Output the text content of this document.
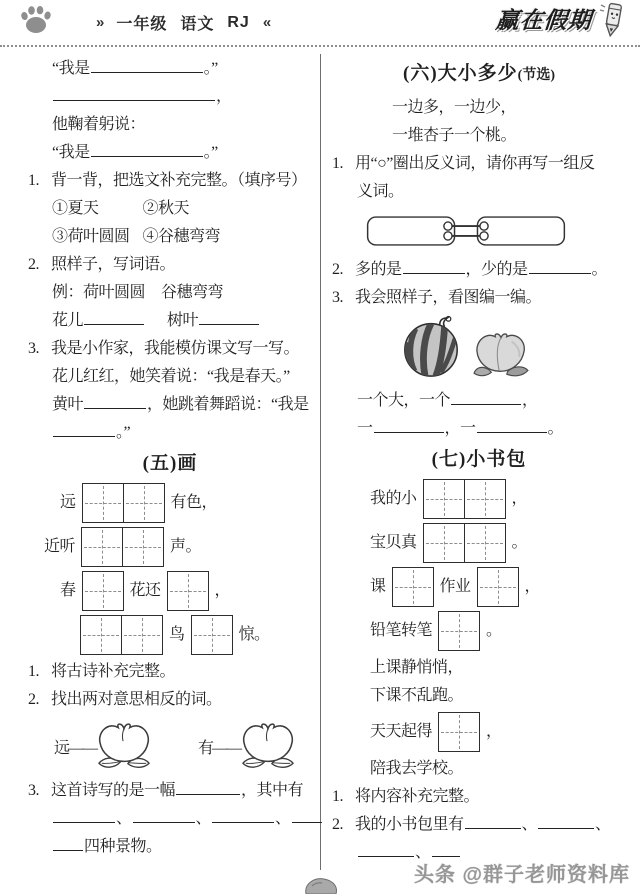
» 一年级 语文 RJ «	赢在假期
“我是	。”
，
他鞠着躬说：
“我是	。”
1. 背一背，把选文补充完整。（填序号）
①夏天	②秋天
③荷叶圆圆 ④谷穗弯弯
2. 照样子，写词语。
例：荷叶圆圆 谷穗弯弯
花儿	树叶
3. 我是小作家，我能模仿课文写一写。
花儿红红，她笑着说：“我是春天。”
黄叶	，她跳着舞蹈说：“我是
。”
(五)画
远	有色，
近听	声。
春	花还	，
鸟	惊。
1. 将古诗补充完整。
2. 找出两对意思相反的词。
远——	有——
3. 这首诗写的是一幅	，其中有
、	、	、
四种景物。
(六)大小多少(节选)
一边多，一边少，
一堆杏子一个桃。
1. 用“○”圈出反义词，请你再写一组反
义词。
2. 多的是	，少的是	。
3. 我会照样子，看图编一编。
一个大，一个	，
一	，一	。
(七)小书包
我的小	，
宝贝真	。
课	作业	，
铅笔转笔	。
上课静悄悄，
下课不乱跑。
天天起得	，
陪我去学校。
1. 将内容补充完整。
2. 我的小书包里有	、	、
、
头条 @群子老师资料库
